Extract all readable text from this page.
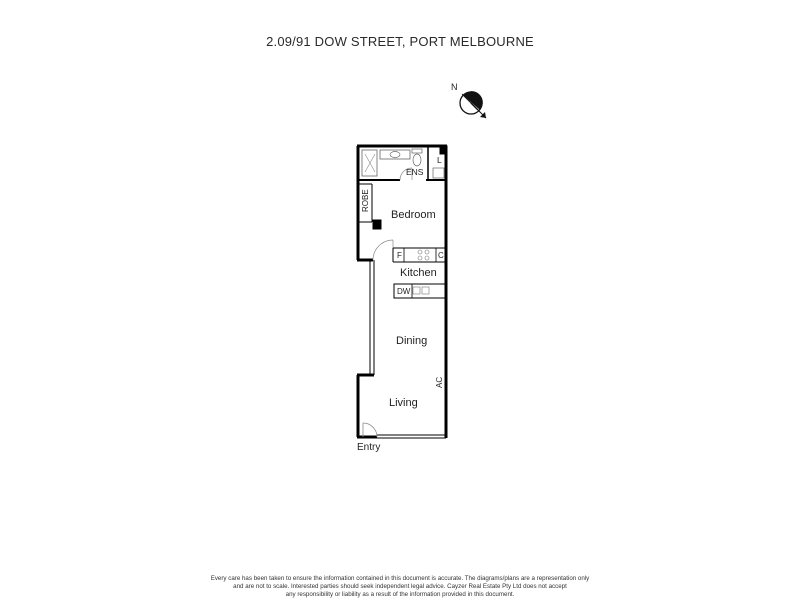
2.09/91 DOW STREET, PORT MELBOURNE
N
ENS
L
ROBE
Bedroom
F	C
Kitchen
DW
Dining
AC
Living
Entry
Every care has been taken to ensure the information contained in this document is accurate. The diagrams/plans are a representation only
and are not to scale. Interested parties should seek independent legal advice. Cayzer Real Estate Pty Ltd does not accept
any responsibility or liability as a result of the information provided in this document.
